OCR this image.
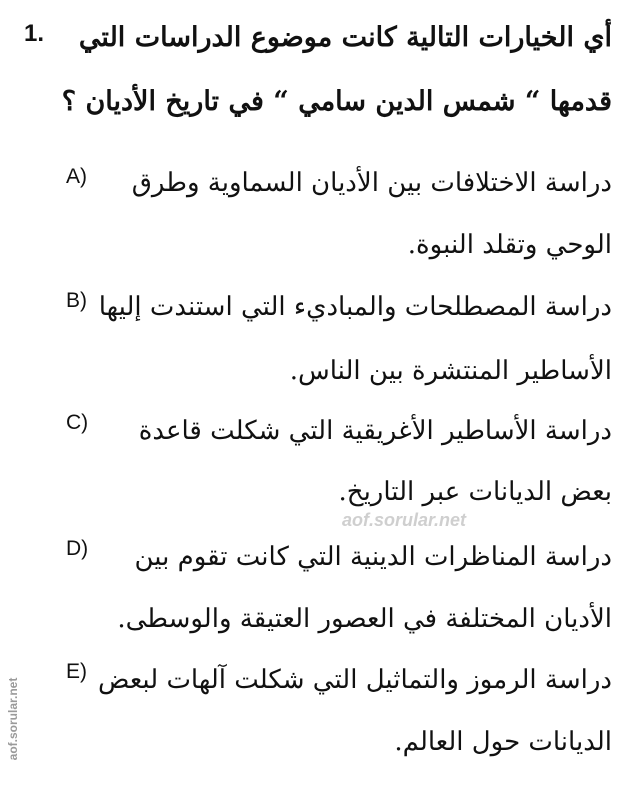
1. أي الخيارات التالية كانت موضوع الدراسات التي
قدمها “ شمس الدين سامي “ في تاريخ الأديان ؟
A) دراسة الاختلافات بين الأديان السماوية وطرق
الوحي وتقلد النبوة.
B) دراسة المصطلحات والمباديء التي استندت إليها
الأساطير المنتشرة بين الناس.
C) دراسة الأساطير الأغريقية التي شكلت قاعدة
بعض الديانات عبر التاريخ.
D) دراسة المناظرات الدينية التي كانت تقوم بين
الأديان المختلفة في العصور العتيقة والوسطى.
E) دراسة الرموز والتماثيل التي شكلت آلهات لبعض
الديانات حول العالم.
aof.sorular.net
aof.sorular.net
